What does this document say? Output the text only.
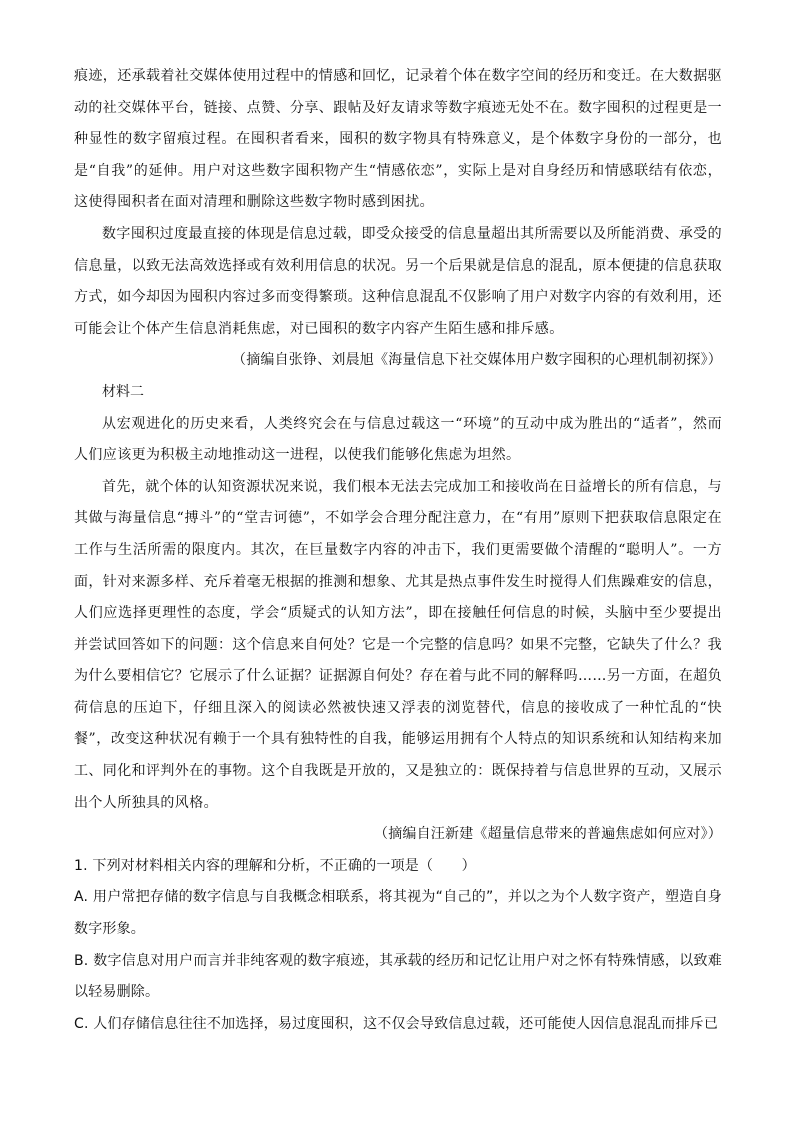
痕迹，还承载着社交媒体使用过程中的情感和回忆，记录着个体在数字空间的经历和变迁。在大数据驱动的社交媒体平台，链接、点赞、分享、跟帖及好友请求等数字痕迹无处不在。数字囤积的过程更是一种显性的数字留痕过程。在囤积者看来，囤积的数字物具有特殊意义，是个体数字身份的一部分，也是“自我”的延伸。用户对这些数字囤积物产生“情感依恋”，实际上是对自身经历和情感联结有依恋，这使得囤积者在面对清理和删除这些数字物时感到困扰。

数字囤积过度最直接的体现是信息过载，即受众接受的信息量超出其所需要以及所能消费、承受的信息量，以致无法高效选择或有效利用信息的状况。另一个后果就是信息的混乱，原本便捷的信息获取方式，如今却因为囤积内容过多而变得繁琐。这种信息混乱不仅影响了用户对数字内容的有效利用，还可能会让个体产生信息消耗焦虑，对已囤积的数字内容产生陌生感和排斥感。

（摘编自张铮、刘晨旭《海量信息下社交媒体用户数字囤积的心理机制初探》）

材料二

从宏观进化的历史来看，人类终究会在与信息过载这一“环境”的互动中成为胜出的“适者”，然而人们应该更为积极主动地推动这一进程，以使我们能够化焦虑为坦然。

首先，就个体的认知资源状况来说，我们根本无法去完成加工和接收尚在日益增长的所有信息，与其做与海量信息“搏斗”的“堂吉诃德”，不如学会合理分配注意力，在“有用”原则下把获取信息限定在工作与生活所需的限度内。其次，在巨量数字内容的冲击下，我们更需要做个清醒的“聪明人”。一方面，针对来源多样、充斥着毫无根据的推测和想象、尤其是热点事件发生时搅得人们焦躁难安的信息，人们应选择更理性的态度，学会“质疑式的认知方法”，即在接触任何信息的时候，头脑中至少要提出并尝试回答如下的问题：这个信息来自何处？它是一个完整的信息吗？如果不完整，它缺失了什么？我为什么要相信它？它展示了什么证据？证据源自何处？存在着与此不同的解释吗……另一方面，在超负荷信息的压迫下，仔细且深入的阅读必然被快速又浮表的浏览替代，信息的接收成了一种忙乱的“快餐”，改变这种状况有赖于一个具有独特性的自我，能够运用拥有个人特点的知识系统和认知结构来加工、同化和评判外在的事物。这个自我既是开放的，又是独立的：既保持着与信息世界的互动，又展示出个人所独具的风格。

（摘编自汪新建《超量信息带来的普遍焦虑如何应对》）

1. 下列对材料相关内容的理解和分析，不正确的一项是（　　）

A. 用户常把存储的数字信息与自我概念相联系，将其视为“自己的”，并以之为个人数字资产，塑造自身数字形象。

B. 数字信息对用户而言并非纯客观的数字痕迹，其承载的经历和记忆让用户对之怀有特殊情感，以致难以轻易删除。

C. 人们存储信息往往不加选择，易过度囤积，这不仅会导致信息过载，还可能使人因信息混乱而排斥已
